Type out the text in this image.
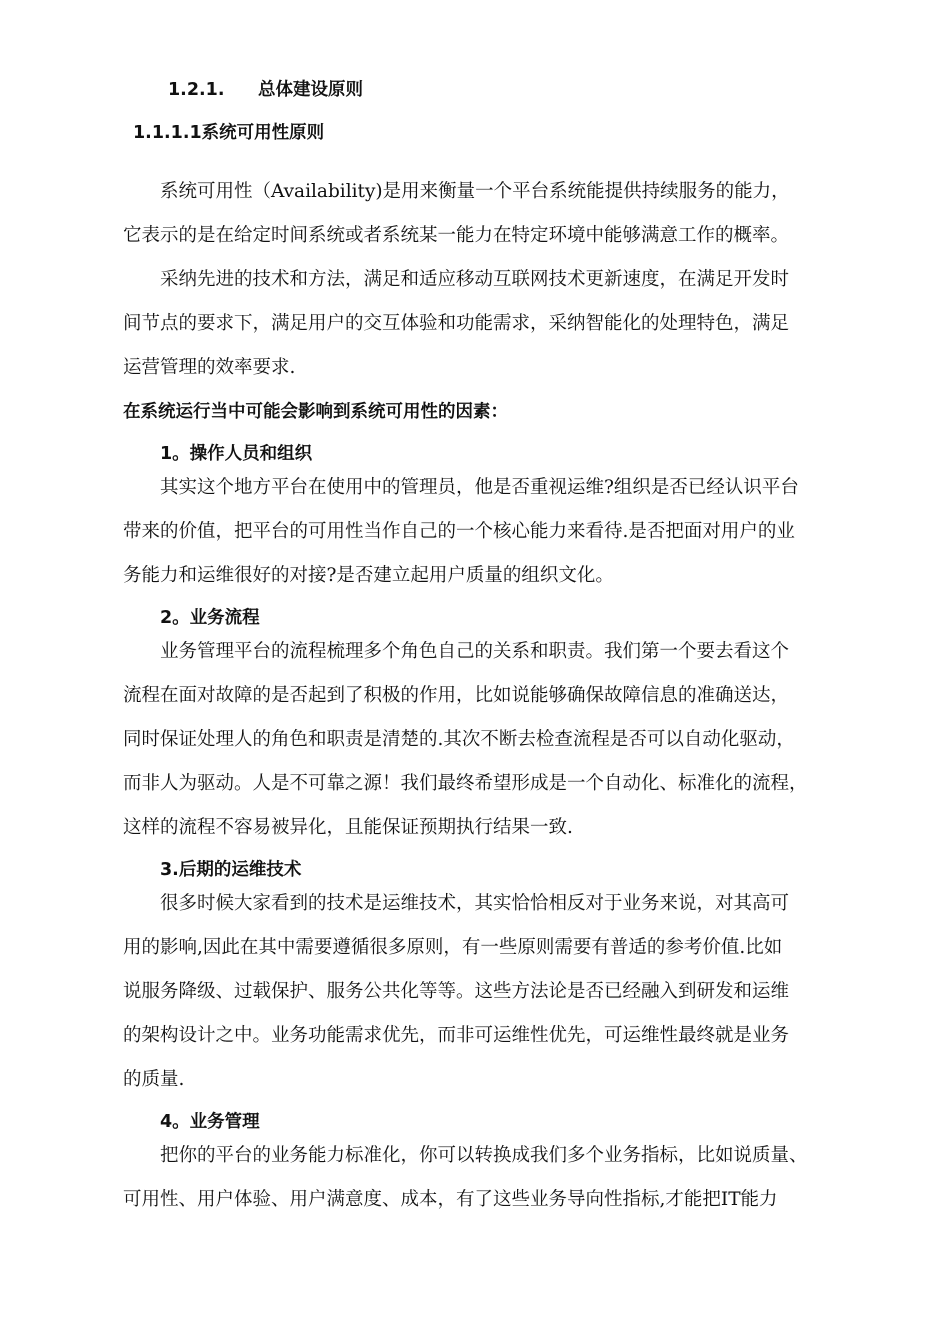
1.2.1. 总体建设原则
1.1.1.1系统可用性原则
系统可用性（Availability)是用来衡量一个平台系统能提供持续服务的能力，
它表示的是在给定时间系统或者系统某一能力在特定环境中能够满意工作的概率。
采纳先进的技术和方法，满足和适应移动互联网技术更新速度，在满足开发时
间节点的要求下，满足用户的交互体验和功能需求，采纳智能化的处理特色，满足
运营管理的效率要求.
在系统运行当中可能会影响到系统可用性的因素：
1。操作人员和组织
其实这个地方平台在使用中的管理员，他是否重视运维?组织是否已经认识平台
带来的价值，把平台的可用性当作自己的一个核心能力来看待.是否把面对用户的业
务能力和运维很好的对接?是否建立起用户质量的组织文化。
2。业务流程
业务管理平台的流程梳理多个角色自己的关系和职责。我们第一个要去看这个
流程在面对故障的是否起到了积极的作用，比如说能够确保故障信息的准确送达，
同时保证处理人的角色和职责是清楚的.其次不断去检查流程是否可以自动化驱动，
而非人为驱动。人是不可靠之源！我们最终希望形成是一个自动化、标准化的流程，
这样的流程不容易被异化，且能保证预期执行结果一致.
3.后期的运维技术
很多时候大家看到的技术是运维技术，其实恰恰相反对于业务来说，对其高可
用的影响,因此在其中需要遵循很多原则，有一些原则需要有普适的参考价值.比如
说服务降级、过载保护、服务公共化等等。这些方法论是否已经融入到研发和运维
的架构设计之中。业务功能需求优先，而非可运维性优先，可运维性最终就是业务
的质量.
4。业务管理
把你的平台的业务能力标准化，你可以转换成我们多个业务指标，比如说质量、
可用性、用户体验、用户满意度、成本，有了这些业务导向性指标,才能把IT能力
